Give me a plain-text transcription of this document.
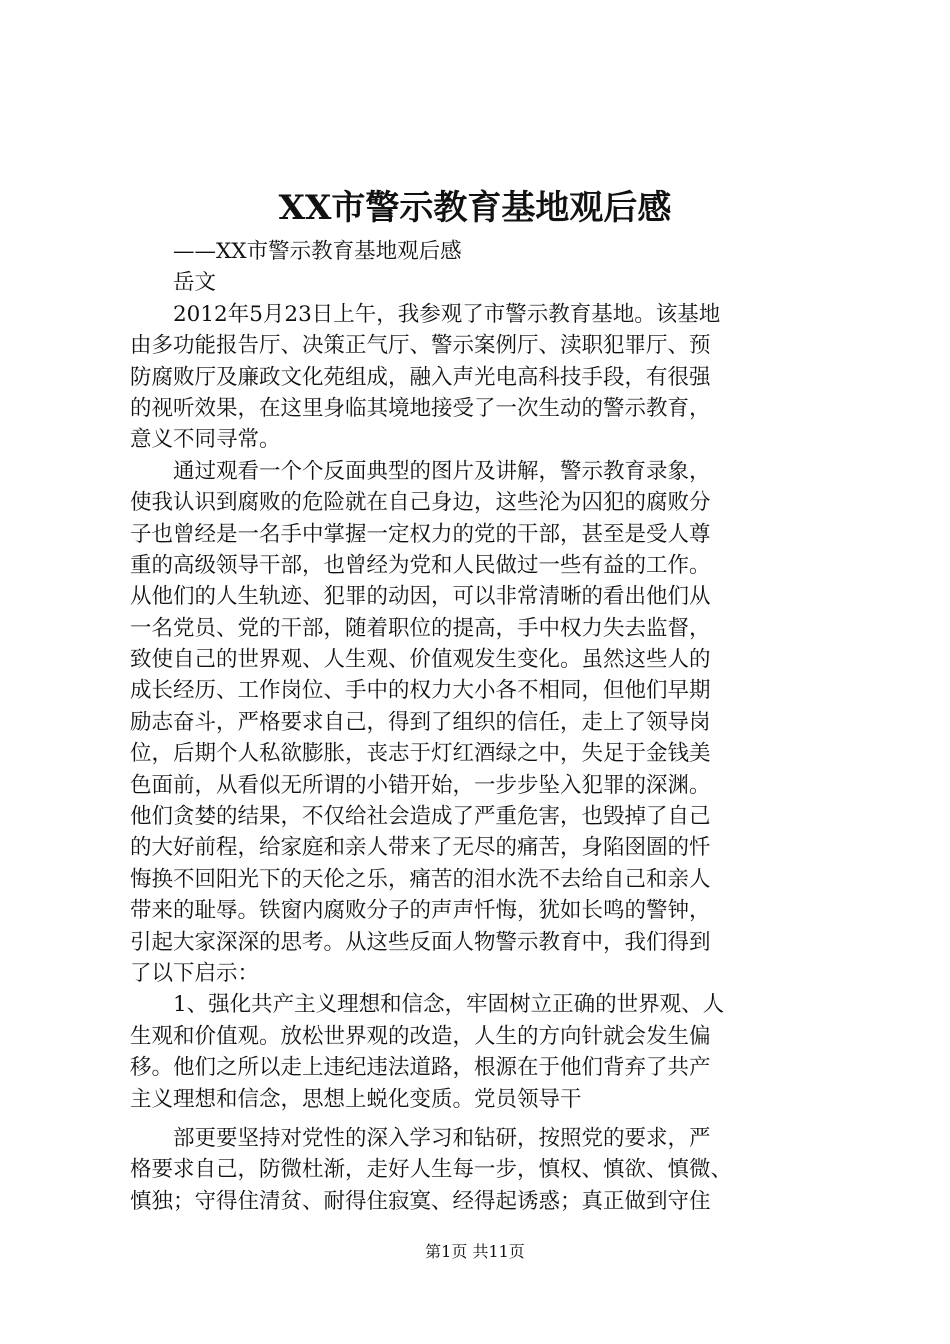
XX市警示教育基地观后感
——XX市警示教育基地观后感
岳文
2012年5月23日上午，我参观了市警示教育基地。该基地
由多功能报告厅、决策正气厅、警示案例厅、渎职犯罪厅、预
防腐败厅及廉政文化苑组成，融入声光电高科技手段，有很强
的视听效果，在这里身临其境地接受了一次生动的警示教育，
意义不同寻常。
通过观看一个个反面典型的图片及讲解，警示教育录象，
使我认识到腐败的危险就在自己身边，这些沦为囚犯的腐败分
子也曾经是一名手中掌握一定权力的党的干部，甚至是受人尊
重的高级领导干部，也曾经为党和人民做过一些有益的工作。
从他们的人生轨迹、犯罪的动因，可以非常清晰的看出他们从
一名党员、党的干部，随着职位的提高，手中权力失去监督，
致使自己的世界观、人生观、价值观发生变化。虽然这些人的
成长经历、工作岗位、手中的权力大小各不相同，但他们早期
励志奋斗，严格要求自己，得到了组织的信任，走上了领导岗
位，后期个人私欲膨胀，丧志于灯红酒绿之中，失足于金钱美
色面前，从看似无所谓的小错开始，一步步坠入犯罪的深渊。
他们贪婪的结果，不仅给社会造成了严重危害，也毁掉了自己
的大好前程，给家庭和亲人带来了无尽的痛苦，身陷囹圄的忏
悔换不回阳光下的天伦之乐，痛苦的泪水洗不去给自己和亲人
带来的耻辱。铁窗内腐败分子的声声忏悔，犹如长鸣的警钟，
引起大家深深的思考。从这些反面人物警示教育中，我们得到
了以下启示：
1、强化共产主义理想和信念，牢固树立正确的世界观、人
生观和价值观。放松世界观的改造，人生的方向针就会发生偏
移。他们之所以走上违纪违法道路，根源在于他们背弃了共产
主义理想和信念，思想上蜕化变质。党员领导干
部更要坚持对党性的深入学习和钻研，按照党的要求，严
格要求自己，防微杜渐，走好人生每一步，慎权、慎欲、慎微、
慎独；守得住清贫、耐得住寂寞、经得起诱惑；真正做到守住
第1页 共11页
